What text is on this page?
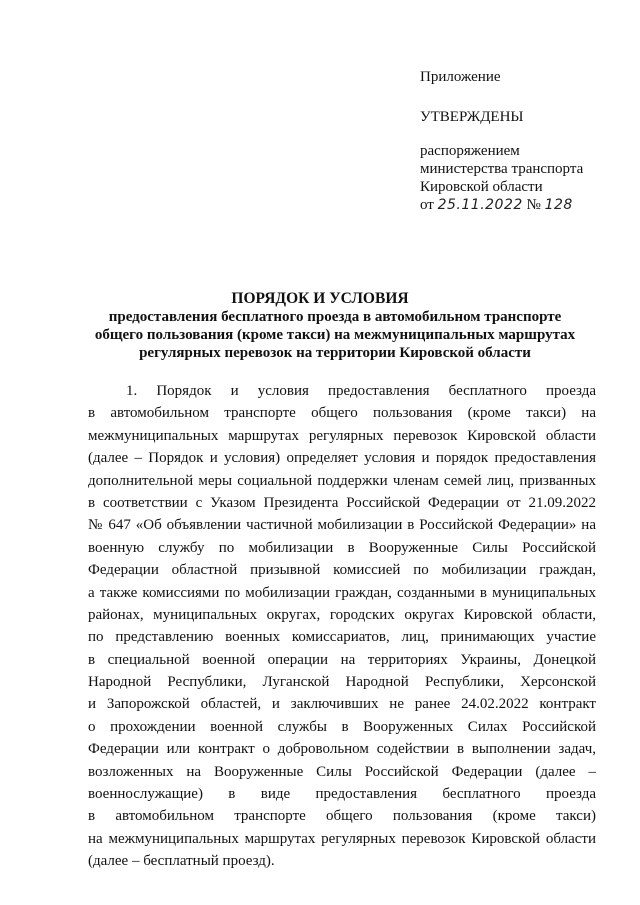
Приложение
УТВЕРЖДЕНЫ
распоряжением
министерства транспорта
Кировской области
от 25.11.2022 № 128
ПОРЯДОК И УСЛОВИЯ
предоставления бесплатного проезда в автомобильном транспорте
общего пользования (кроме такси) на межмуниципальных маршрутах
регулярных перевозок на территории Кировской области
1. Порядок и условия предоставления бесплатного проезда
в автомобильном транспорте общего пользования (кроме такси) на
межмуниципальных маршрутах регулярных перевозок Кировской области
(далее – Порядок и условия) определяет условия и порядок предоставления
дополнительной меры социальной поддержки членам семей лиц, призванных
в соответствии с Указом Президента Российской Федерации от 21.09.2022
№ 647 «Об объявлении частичной мобилизации в Российской Федерации» на
военную службу по мобилизации в Вооруженные Силы Российской
Федерации областной призывной комиссией по мобилизации граждан,
а также комиссиями по мобилизации граждан, созданными в муниципальных
районах, муниципальных округах, городских округах Кировской области,
по представлению военных комиссариатов, лиц, принимающих участие
в специальной военной операции на территориях Украины, Донецкой
Народной Республики, Луганской Народной Республики, Херсонской
и Запорожской областей, и заключивших не ранее 24.02.2022 контракт
о прохождении военной службы в Вооруженных Силах Российской
Федерации или контракт о добровольном содействии в выполнении задач,
возложенных на Вооруженные Силы Российской Федерации (далее –
военнослужащие) в виде предоставления бесплатного проезда
в автомобильном транспорте общего пользования (кроме такси)
на межмуниципальных маршрутах регулярных перевозок Кировской области
(далее – бесплатный проезд).
